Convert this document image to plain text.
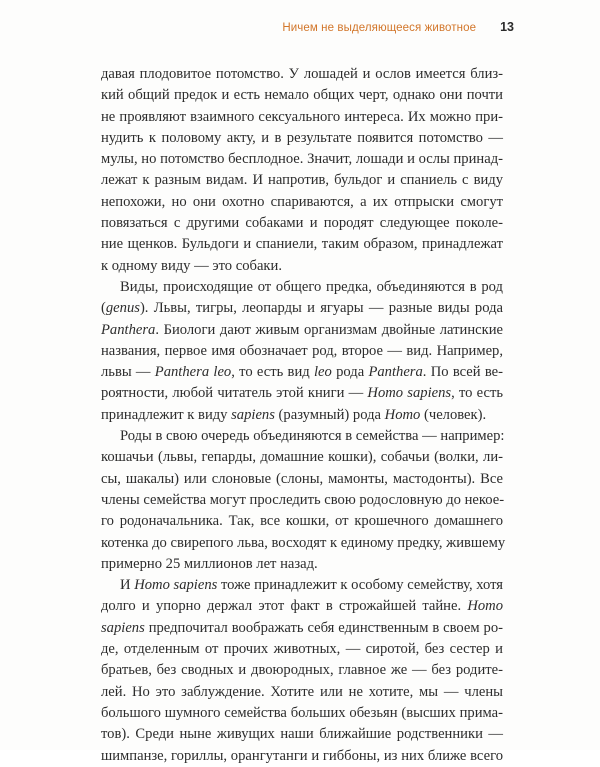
Ничем не выделяющееся животное 13
давая плодовитое потомство. У лошадей и ослов имеется близ-
кий общий предок и есть немало общих черт, однако они почти
не проявляют взаимного сексуального интереса. Их можно при-
нудить к половому акту, и в результате появится потомство —
мулы, но потомство бесплодное. Значит, лошади и ослы принад-
лежат к разным видам. И напротив, бульдог и спаниель с виду
непохожи, но они охотно спариваются, а их отпрыски смогут
повязаться с другими собаками и породят следующее поколе-
ние щенков. Бульдоги и спаниели, таким образом, принадлежат
к одному виду — это собаки.
Виды, происходящие от общего предка, объединяются в род
(genus). Львы, тигры, леопарды и ягуары — разные виды рода
Panthera. Биологи дают живым организмам двойные латинские
названия, первое имя обозначает род, второе — вид. Например,
львы — Panthera leo, то есть вид leo рода Panthera. По всей ве-
роятности, любой читатель этой книги — Homo sapiens, то есть
принадлежит к виду sapiens (разумный) рода Homo (человек).
Роды в свою очередь объединяются в семейства — например:
кошачьи (львы, гепарды, домашние кошки), собачьи (волки, ли-
сы, шакалы) или слоновые (слоны, мамонты, мастодонты). Все
члены семейства могут проследить свою родословную до некое-
го родоначальника. Так, все кошки, от крошечного домашнего
котенка до свирепого льва, восходят к единому предку, жившему
примерно 25 миллионов лет назад.
И Homo sapiens тоже принадлежит к особому семейству, хотя
долго и упорно держал этот факт в строжайшей тайне. Homo
sapiens предпочитал воображать себя единственным в своем ро-
де, отделенным от прочих животных, — сиротой, без сестер и
братьев, без сводных и двоюродных, главное же — без родите-
лей. Но это заблуждение. Хотите или не хотите, мы — члены
большого шумного семейства больших обезьян (высших прима-
тов). Среди ныне живущих наши ближайшие родственники —
шимпанзе, гориллы, орангутанги и гиббоны, из них ближе всего
